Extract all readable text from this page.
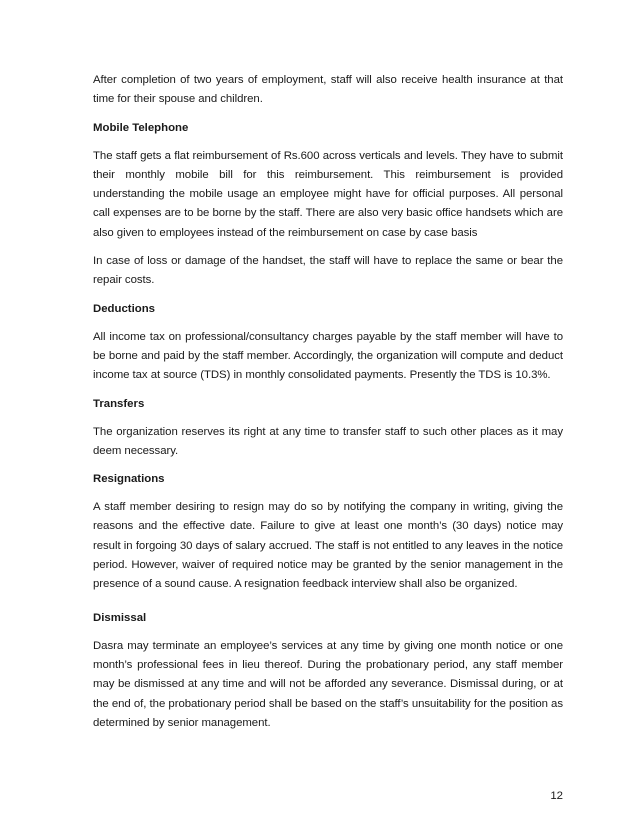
After completion of two years of employment, staff will also receive health insurance at that time for their spouse and children.

Mobile Telephone

The staff gets a flat reimbursement of Rs.600 across verticals and levels. They have to submit their monthly mobile bill for this reimbursement. This reimbursement is provided understanding the mobile usage an employee might have for official purposes. All personal call expenses are to be borne by the staff. There are also very basic office handsets which are also given to employees instead of the reimbursement on case by case basis

In case of loss or damage of the handset, the staff will have to replace the same or bear the repair costs.

Deductions

All income tax on professional/consultancy charges payable by the staff member will have to be borne and paid by the staff member. Accordingly, the organization will compute and deduct income tax at source (TDS) in monthly consolidated payments. Presently the TDS is 10.3%.

Transfers

The organization reserves its right at any time to transfer staff to such other places as it may deem necessary.

Resignations

A staff member desiring to resign may do so by notifying the company in writing, giving the reasons and the effective date. Failure to give at least one month’s (30 days) notice may result in forgoing 30 days of salary accrued. The staff is not entitled to any leaves in the notice period. However, waiver of required notice may be granted by the senior management in the presence of a sound cause. A resignation feedback interview shall also be organized.

Dismissal

Dasra may terminate an employee’s services at any time by giving one month notice or one month’s professional fees in lieu thereof. During the probationary period, any staff member may be dismissed at any time and will not be afforded any severance. Dismissal during, or at the end of, the probationary period shall be based on the staff’s unsuitability for the position as determined by senior management.

12
